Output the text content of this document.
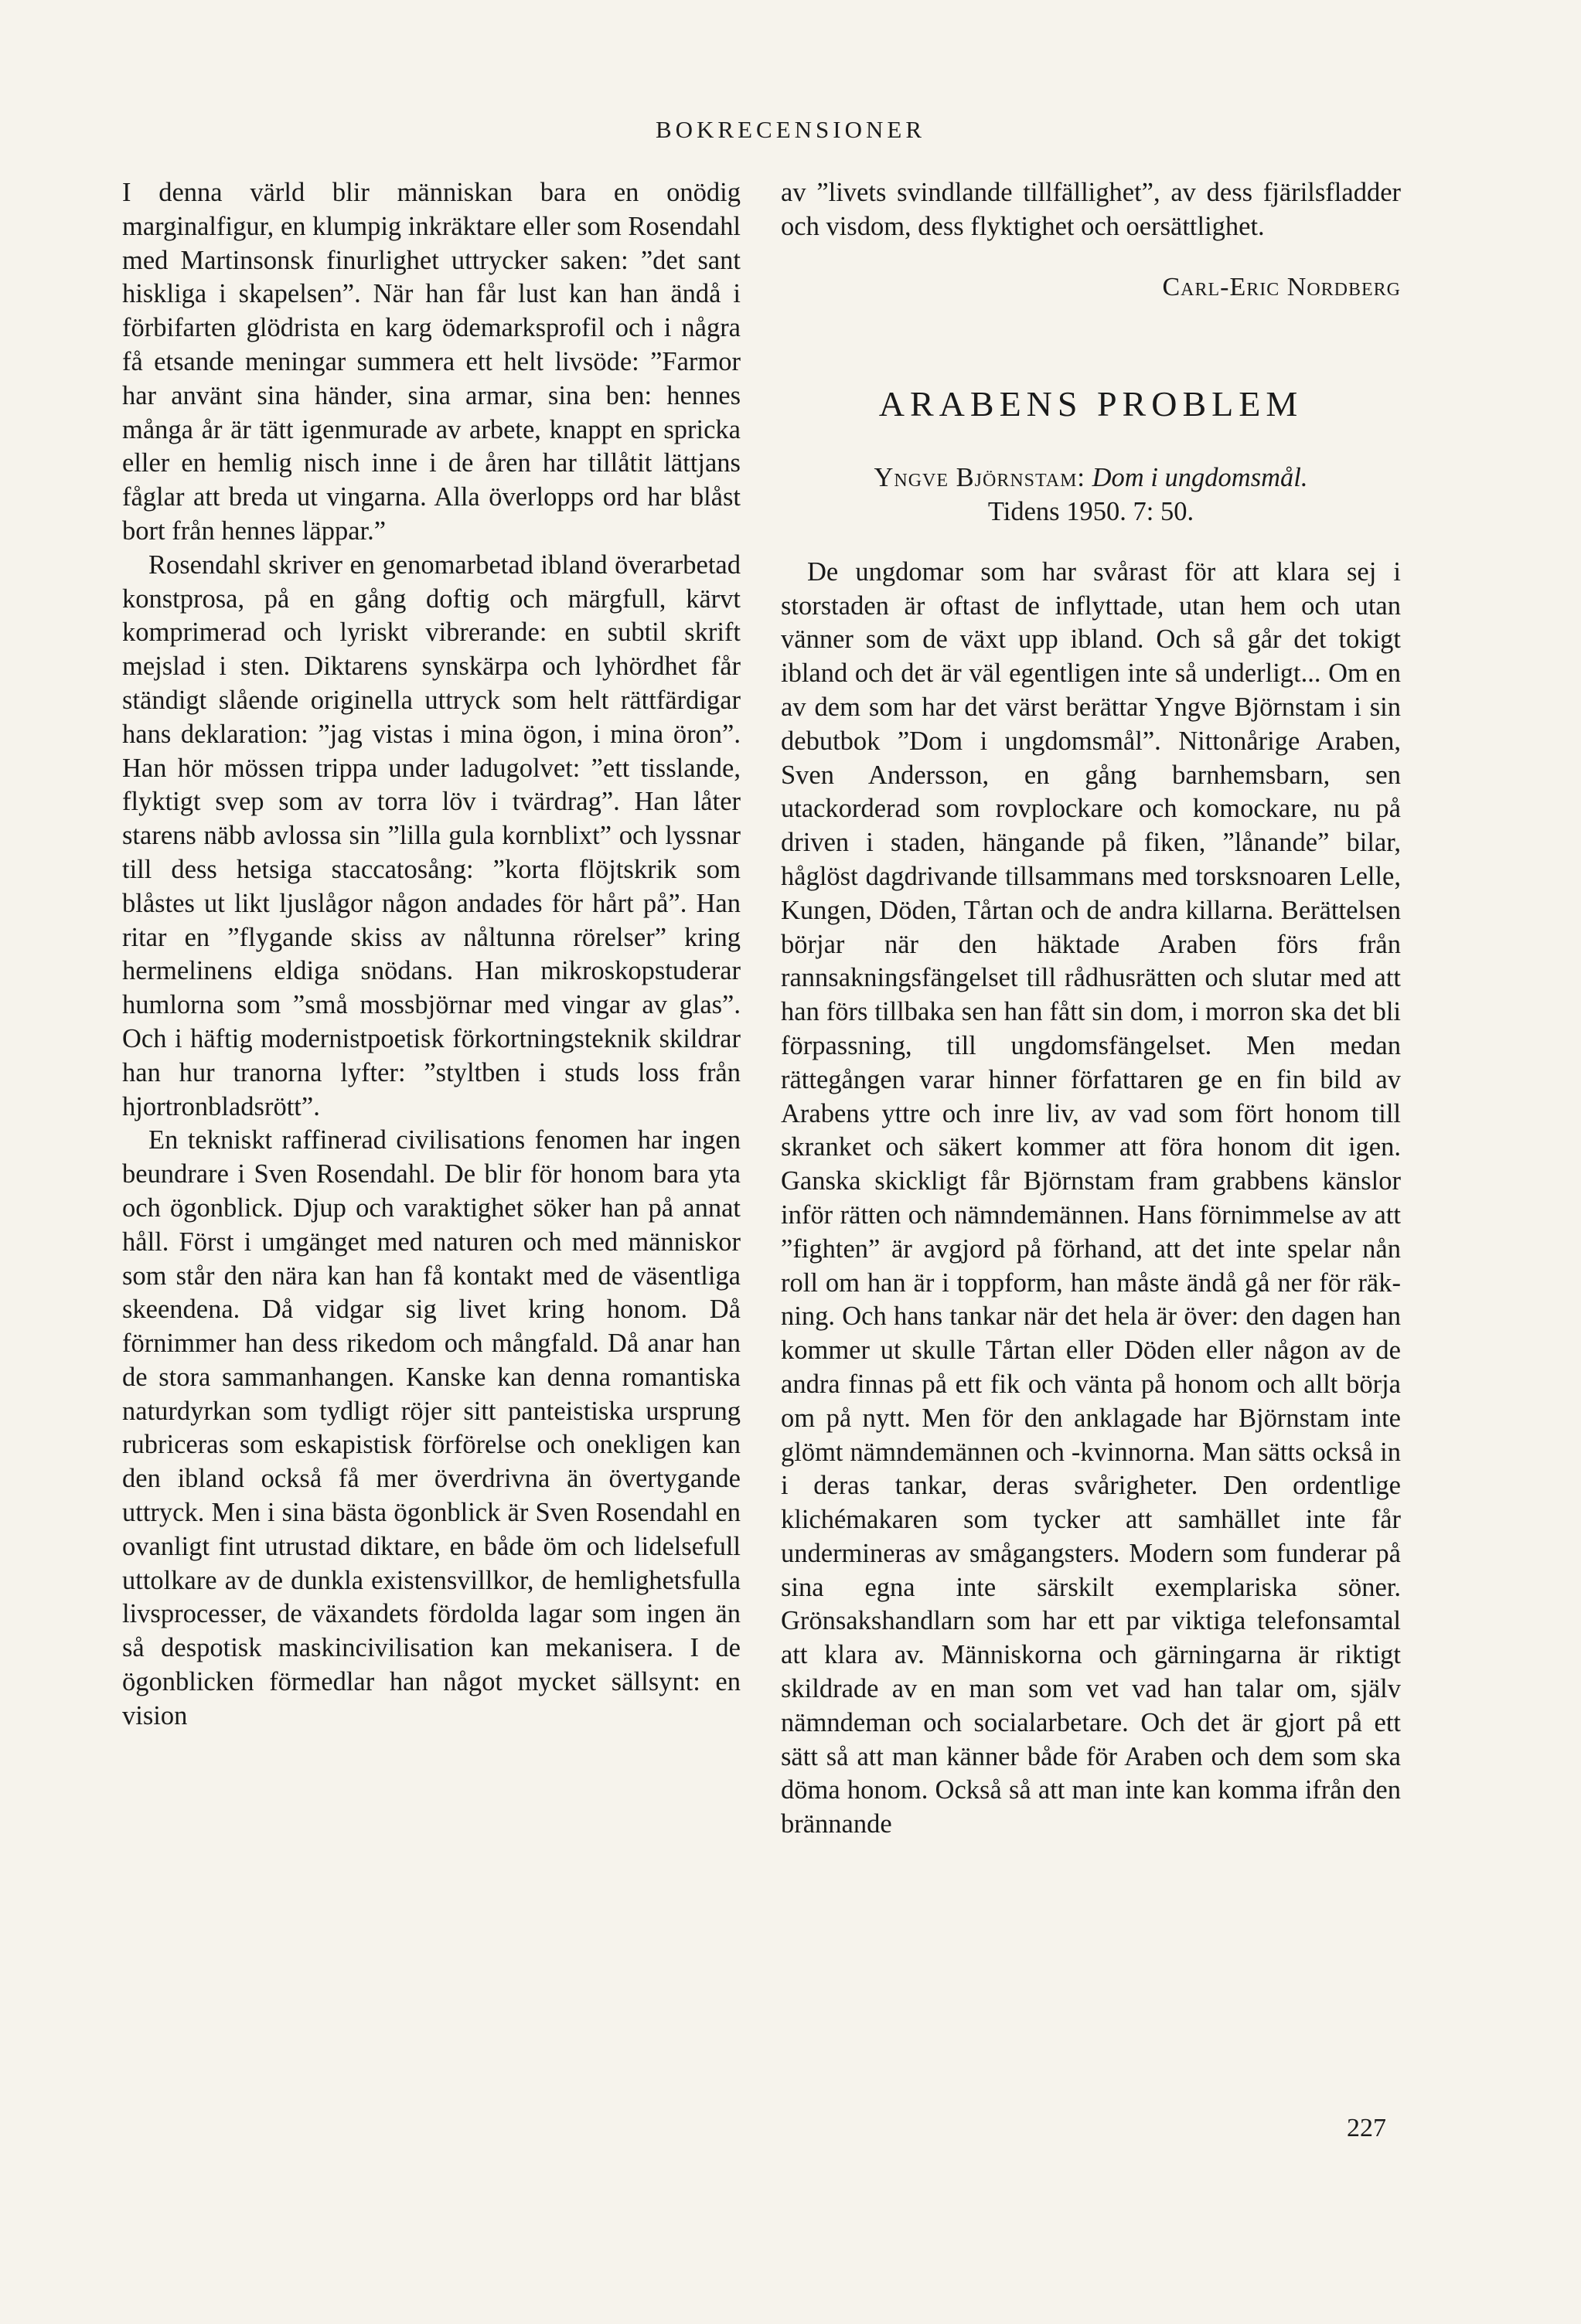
BOKRECENSIONER

I denna värld blir människan bara en onödig marginalfigur, en klumpig inkräktare eller som Rosendahl med Martinsonsk finurlighet uttrycker saken: ”det sant hiskliga i skapelsen”. När han får lust kan han ändå i förbifarten glödrista en karg ödemarksprofil och i några få etsande meningar summera ett helt livsöde: ”Farmor har använt sina händer, sina armar, sina ben: hennes många år är tätt igenmurade av arbete, knappt en spricka eller en hemlig nisch inne i de åren har tillåtit lättjans fåglar att breda ut vingarna. Alla överlopps ord har blåst bort från hennes läppar.”

Rosendahl skriver en genomarbetad ibland överarbetad konstprosa, på en gång doftig och märgfull, kärvt komprimerad och lyriskt vibrerande: en subtil skrift mejslad i sten. Diktarens synskärpa och lyhördhet får ständigt slående originella uttryck som helt rättfärdigar hans deklaration: ”jag vistas i mina ögon, i mina öron”. Han hör mössen trippa under ladugolvet: ”ett tisslande, flyktigt svep som av torra löv i tvärdrag”. Han låter starens näbb avlossa sin ”lilla gula kornblixt” och lyssnar till dess hetsiga staccatosång: ”korta flöjtskrik som blåstes ut likt ljuslågor någon andades för hårt på”. Han ritar en ”flygande skiss av nåltunna rörelser” kring hermelinens eldiga snödans. Han mikroskopstuderar humlorna som ”små mossbjörnar med vingar av glas”. Och i häftig modernistpoetisk förkortningsteknik skildrar han hur tranorna lyfter: ”styltben i studs loss från hjortronbladsrött”.

En tekniskt raffinerad civilisations fenomen har ingen beundrare i Sven Rosendahl. De blir för honom bara yta och ögonblick. Djup och varaktighet söker han på annat håll. Först i umgänget med naturen och med människor som står den nära kan han få kontakt med de väsentliga skeendena. Då vidgar sig livet kring honom. Då förnimmer han dess rikedom och mångfald. Då anar han de stora sammanhangen. Kanske kan denna romantiska naturdyrkan som tydligt röjer sitt panteistiska ursprung rubriceras som eskapistisk förförelse och onekligen kan den ibland också få mer överdrivna än övertygande uttryck. Men i sina bästa ögonblick är Sven Rosendahl en ovanligt fint utrustad diktare, en både öm och lidelsefull uttolkare av de dunkla existensvillkor, de hemlighetsfulla livsprocesser, de växandets fördolda lagar som ingen än så despotisk maskincivilisation kan mekanisera. I de ögonblicken förmedlar han något mycket sällsynt: en vision

av ”livets svindlande tillfällighet”, av dess fjärilsfladder och visdom, dess flyktighet och oersättlighet.

Carl-Eric Nordberg

ARABENS PROBLEM

Yngve Björnstam: Dom i ungdomsmål.
Tidens 1950. 7: 50.

De ungdomar som har svårast för att klara sej i storstaden är oftast de inflyttade, utan hem och utan vänner som de växt upp ibland. Och så går det tokigt ibland och det är väl egentligen inte så underligt... Om en av dem som har det värst berättar Yngve Björnstam i sin debutbok ”Dom i ungdomsmål”. Nittonårige Araben, Sven Andersson, en gång barnhemsbarn, sen utackorderad som rovplockare och komockare, nu på driven i staden, hängande på fiken, ”lånande” bilar, håglöst dagdrivande tillsammans med torsksnoaren Lelle, Kungen, Döden, Tårtan och de andra killarna. Berättelsen börjar när den häktade Araben förs från rannsakningsfängelset till rådhusrätten och slutar med att han förs tillbaka sen han fått sin dom, i morron ska det bli förpassning, till ungdomsfängelset. Men medan rättegången varar hinner författaren ge en fin bild av Arabens yttre och inre liv, av vad som fört honom till skranket och säkert kommer att föra honom dit igen. Ganska skickligt får Björnstam fram grabbens känslor inför rätten och nämndemännen. Hans förnimmelse av att ”fighten” är avgjord på förhand, att det inte spelar nån roll om han är i toppform, han måste ändå gå ner för räkning. Och hans tankar när det hela är över: den dagen han kommer ut skulle Tårtan eller Döden eller någon av de andra finnas på ett fik och vänta på honom och allt börja om på nytt. Men för den anklagade har Björnstam inte glömt nämndemännen och -kvinnorna. Man sätts också in i deras tankar, deras svårigheter. Den ordentlige klichémakaren som tycker att samhället inte får undermineras av smågangsters. Modern som funderar på sina egna inte särskilt exemplariska söner. Grönsakshandlarn som har ett par viktiga telefonsamtal att klara av. Människorna och gärningarna är riktigt skildrade av en man som vet vad han talar om, själv nämndeman och socialarbetare. Och det är gjort på ett sätt så att man känner både för Araben och dem som ska döma honom. Också så att man inte kan komma ifrån den brännande

227
